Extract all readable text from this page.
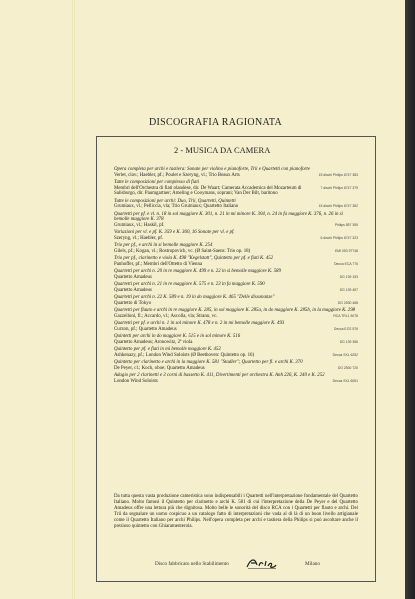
DISCOGRAFIA RAGIONATA
2 - MUSICA DA CAMERA
Opera completa per archi e tastiera: Sonate per violino e pianoforte, Trii e Quartetti con pianoforte
15 dischi Philips 6747 383
Verlet, clav.; Haebler, pf.; Poulet e Szeryng, vl.; Trio Beaux Arts
Tutte le composizioni per complesso di fiati
7 dischi Philips 6747 379
Membri dell'Orchestra di fiati olandese, dir. De Waart; Camerata Accademica del Mozarteum di Salisburgo, dir. Paumgartner; Ameling e Cooymans, soprani; Van Der Bilt, baritono
Tutte le composizioni per archi: Duo, Trii, Quartetti, Quintetti
15 dischi Philips 6747 382
Grumiaux, vl.; Pelliccia, vla; Trio Grumiaux; Quartetto Italiano
Quartetti per pf. e vl. n. 18 in sol maggiore K. 301, n. 21 in mi minore K. 304, n. 24 in fa maggiore K. 376, n. 26 in si bemolle maggiore K. 378
Philips 857 395
Grumiaux, vl.; Haskil, pf.
Variazioni per vl. e pf. K. 359 e K. 360, 16 Sonate per vl. e pf.
6 dischi Philips 6747 323
Szeryng, vl.; Haebler, pf.
Trio per pf., e archi in si bemolle maggiore K. 254
EMI 053 97748
Gilels, pf.; Kogan, vl.; Rostropovich, vc. (Ø Saint-Saens: Trio op. 18)
Trio per pf., clarinetto e viola K. 498 "Kegelstatt", Quintetto per pf. e fiati K. 452
Decca ECA 776
Panhoffer, pf.; Membri dell'Ottetto di Vienna
Quartetti per archi n. 20 in re maggiore K. 499 e n. 22 in si bemolle maggiore K. 589
DG 139 153
Quartetto Amadeus
Quartetti per archi n. 21 in re maggiore K. 575 e n. 23 in fa maggiore K. 590
DG 139 457
Quartetto Amadeus
Quartetti per archi n. 22 K. 589 e n. 19 in do maggiore K. 465 "Delle dissonanze"
DG 2530 468
Quartetto di Tokyo
Quartetti per flauto e archi in re maggiore K. 285, in sol maggiore K. 285a, in do maggiore K. 285b, in la maggiore K. 298
RCA TRL1 5078
Gazzelloni, fl.; Accardo, vl.; Ascolla, vla; Strano, vc.
Quartetti per pf. e archi n. 1 in sol minore K. 478 e n. 2 in mi bemolle maggiore K. 493
Decca ECS 576
Curzon, pf.; Quartetto Amadeus
Quintetti per archi in do maggiore K. 515 e in sol minore K. 516
DG 139 356
Quartetto Amadeus; Aronowitz, 2ª viola
Quintetto per pf. e fiati in mi bemolle maggiore K. 452
Decca SXL 6252
Ashkenazy, pf.; London Wind Soloists (Ø Beethoven: Quintetto op. 16)
Quintetto per clarinetto e archi in la maggiore K. 581 "Stadler"; Quartetto per fl. e archi K. 370
DG 2530 720
De Peyer, cl.; Koch, oboe; Quartetto Amadeus
Adagio per 2 clarinetti e 3 corni di bassetto K. 411, Divertimenti per orchestra K. Anh 226, K. 240 e K. 252
Decca SXL 6051
London Wind Soloists
Da tutta questa vasta produzione cameristica sono indispensabili i Quartetti nell'interpretazione fondamentale del Quartetto Italiano. Molto famosi il Quintetto per clarinetto e archi K. 581 di cui l'interpretazione della De Peyer e del Quartetto Amadeus offre una lettura più che dignitosa. Molto belle le sonorità del disco RCA con i Quartetti per flauto e archi. Dei Trii da segnalare un uomo cospicuo a un catalogo fatto di interpretazioni che vada al di là di un buon livello artigianale come il Quartetto Italiano per archi Philips. Nell'opera completa per archi e tastiera della Philips si può ascoltare anche il prezioso quintetto con Ghiaramenterola.
Disco fabbricato nello Stabilimento	Milano
